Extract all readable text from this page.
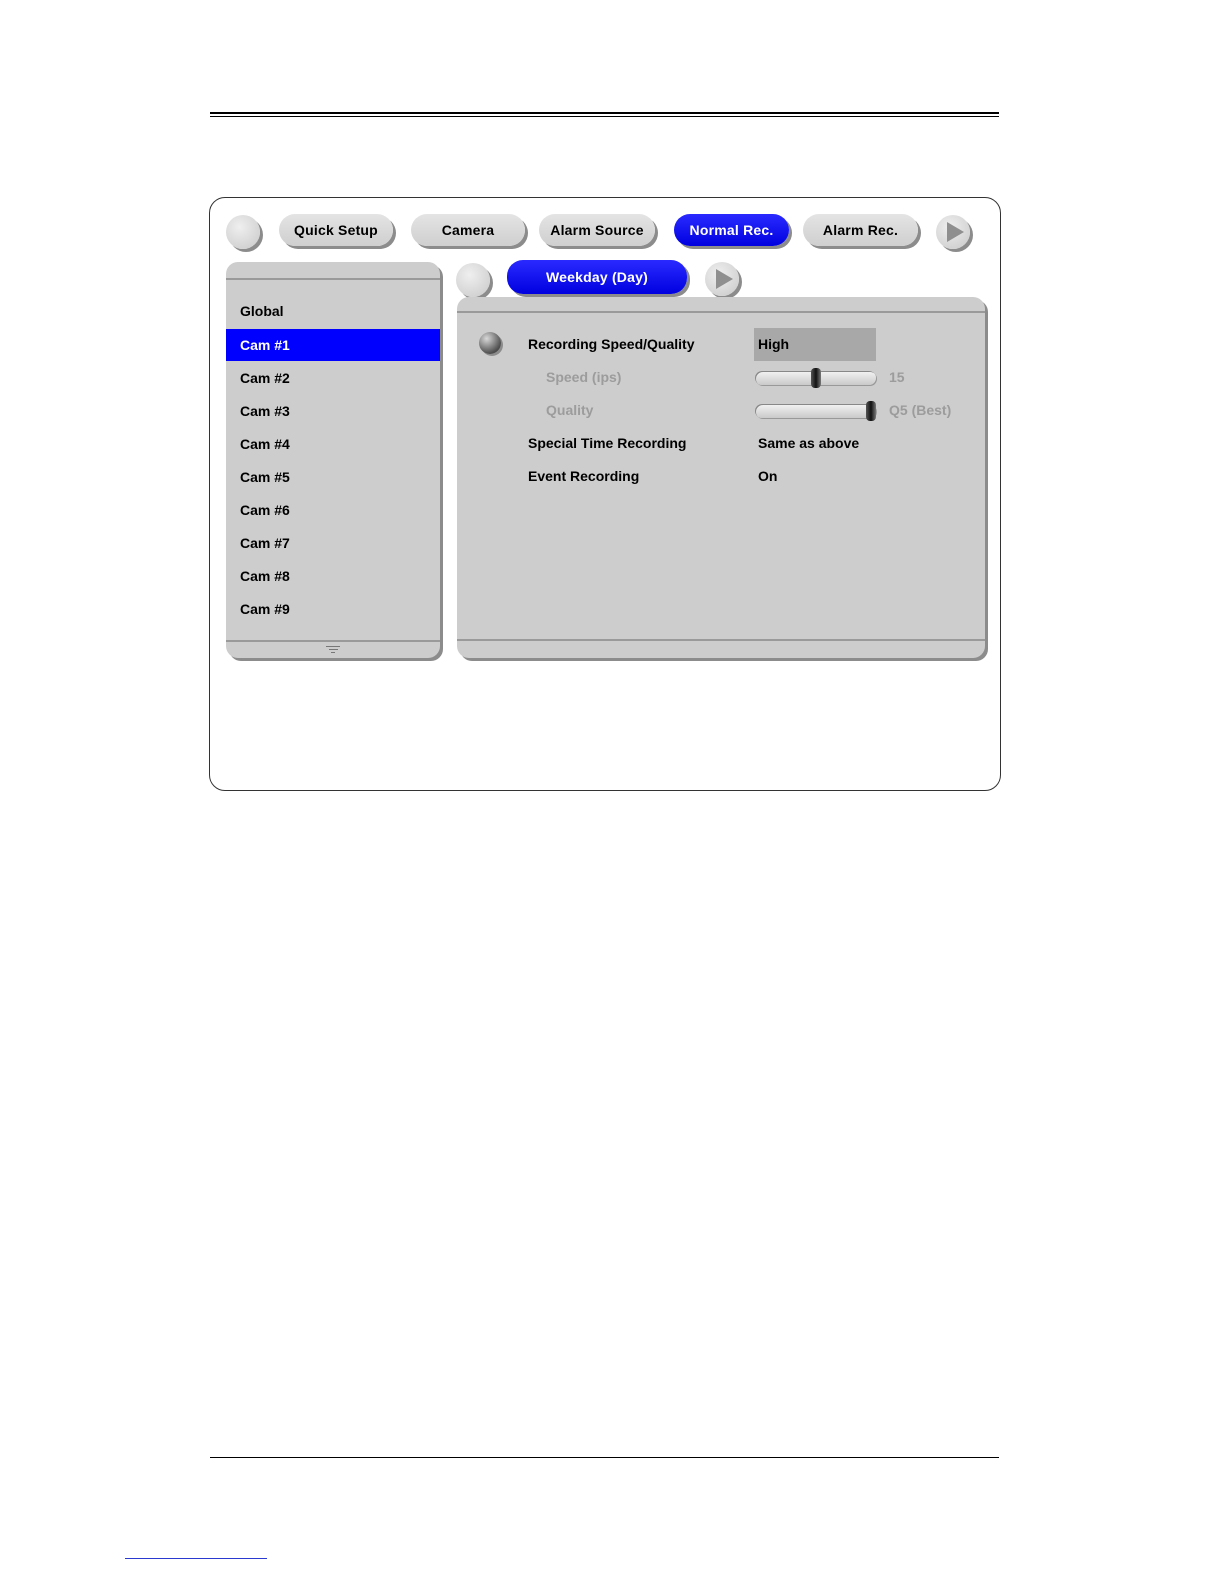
Quick Setup	Camera	Alarm Source	Normal Rec.	Alarm Rec.
Weekday (Day)
Global
Cam #1
Cam #2
Cam #3
Cam #4
Cam #5
Cam #6
Cam #7
Cam #8
Cam #9
Recording Speed/Quality	High
Speed (ips)	15
Quality	Q5 (Best)
Special Time Recording	Same as above
Event Recording	On
